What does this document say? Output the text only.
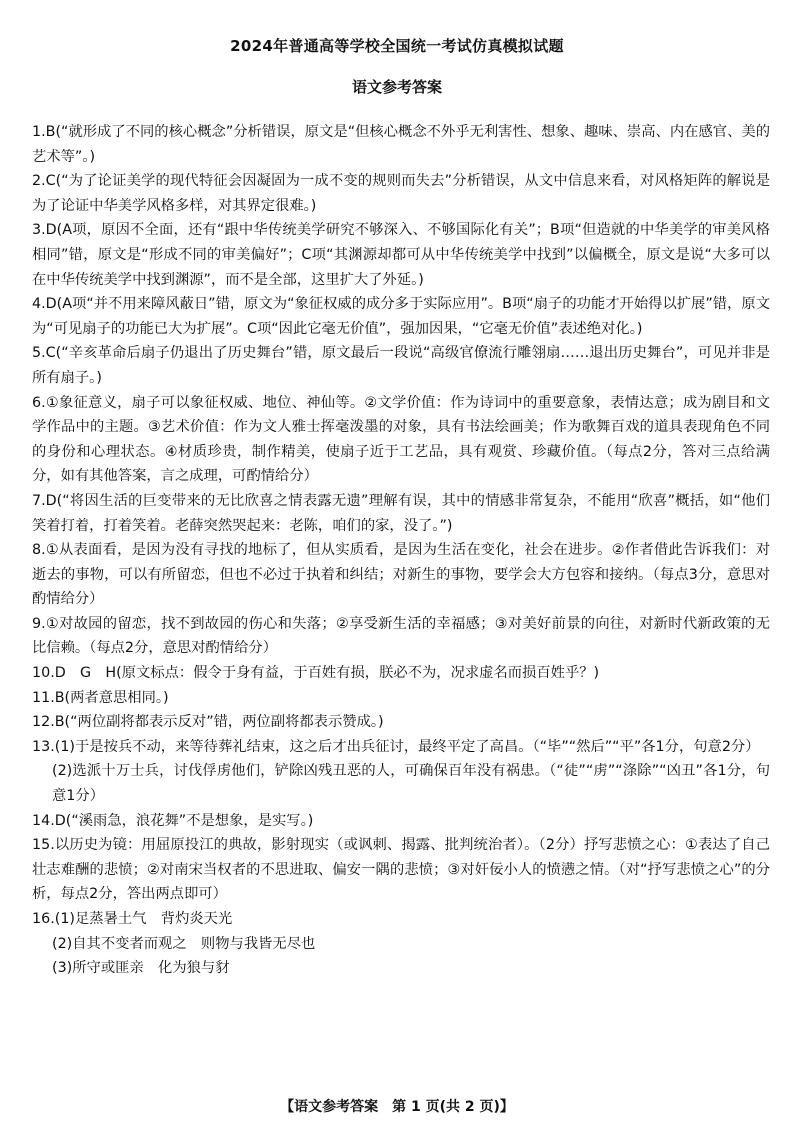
2024年普通高等学校全国统一考试仿真模拟试题
语文参考答案

1.B(“就形成了不同的核心概念”分析错误，原文是“但核心概念不外乎无利害性、想象、趣味、崇高、内在感官、美的艺术等”。)

2.C(“为了论证美学的现代特征会因凝固为一成不变的规则而失去”分析错误，从文中信息来看，对风格矩阵的解说是为了论证中华美学风格多样，对其界定很难。)

3.D(A项，原因不全面，还有“跟中华传统美学研究不够深入、不够国际化有关”；B项“但造就的中华美学的审美风格相同”错，原文是“形成不同的审美偏好”；C项“其渊源却都可从中华传统美学中找到”以偏概全，原文是说“大多可以在中华传统美学中找到渊源”，而不是全部，这里扩大了外延。)

4.D(A项“并不用来障风蔽日”错，原文为“象征权威的成分多于实际应用”。B项“扇子的功能才开始得以扩展”错，原文为“可见扇子的功能已大为扩展”。C项“因此它毫无价值”，强加因果，“它毫无价值”表述绝对化。)

5.C(“辛亥革命后扇子仍退出了历史舞台”错，原文最后一段说“高级官僚流行雕翎扇……退出历史舞台”，可见并非是所有扇子。)

6.①象征意义，扇子可以象征权威、地位、神仙等。②文学价值：作为诗词中的重要意象，表情达意；成为剧目和文学作品中的主题。③艺术价值：作为文人雅士挥毫泼墨的对象，具有书法绘画美；作为歌舞百戏的道具表现角色不同的身份和心理状态。④材质珍贵，制作精美，使扇子近于工艺品，具有观赏、珍藏价值。（每点2分，答对三点给满分，如有其他答案，言之成理，可酌情给分）

7.D(“将因生活的巨变带来的无比欣喜之情表露无遗”理解有误，其中的情感非常复杂，不能用“欣喜”概括，如“他们笑着打着，打着笑着。老薛突然哭起来：老陈，咱们的家，没了。”)

8.①从表面看，是因为没有寻找的地标了，但从实质看，是因为生活在变化，社会在进步。②作者借此告诉我们：对逝去的事物，可以有所留恋，但也不必过于执着和纠结；对新生的事物，要学会大方包容和接纳。（每点3分，意思对酌情给分）

9.①对故园的留恋，找不到故园的伤心和失落；②享受新生活的幸福感；③对美好前景的向往，对新时代新政策的无比信赖。（每点2分，意思对酌情给分）

10.D　G　H(原文标点：假令于身有益，于百姓有损，朕必不为，况求虚名而损百姓乎？)

11.B(两者意思相同。)

12.B(“两位副将都表示反对”错，两位副将都表示赞成。)

13.(1)于是按兵不动，来等待葬礼结束，这之后才出兵征讨，最终平定了高昌。（“毕”“然后”“平”各1分，句意2分）

(2)选派十万士兵，讨伐俘虏他们，铲除凶残丑恶的人，可确保百年没有祸患。（“徒”“虏”“涤除”“凶丑”各1分，句意1分）

14.D(“溪雨急，浪花舞”不是想象，是实写。)

15.以历史为镜：用屈原投江的典故，影射现实（或讽刺、揭露、批判统治者）。（2分）抒写悲愤之心：①表达了自己壮志难酬的悲愤；②对南宋当权者的不思进取、偏安一隅的悲愤；③对奸佞小人的愤懑之情。（对“抒写悲愤之心”的分析，每点2分，答出两点即可）

16.(1)足蒸暑土气　背灼炎天光

(2)自其不变者而观之　则物与我皆无尽也

(3)所守或匪亲　化为狼与豺

【语文参考答案　第 1 页(共 2 页)】
